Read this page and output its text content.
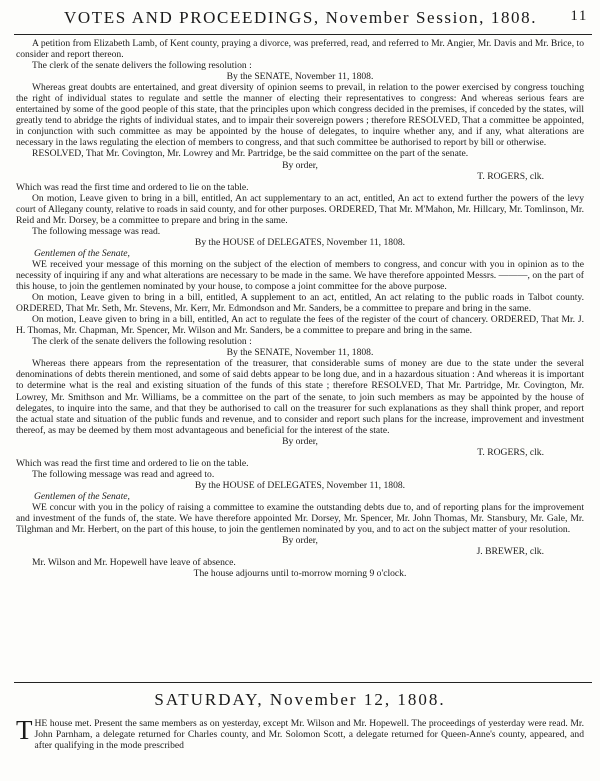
VOTES AND PROCEEDINGS, November Session, 1808. 11

A petition from Elizabeth Lamb, of Kent county, praying a divorce, was preferred, read, and referred to Mr. Angier, Mr. Davis and Mr. Brice, to consider and report thereon.

The clerk of the senate delivers the following resolution :

By the SENATE, November 11, 1808.

Whereas great doubts are entertained, and great diversity of opinion seems to prevail, in relation to the power exercised by congress touching the right of individual states to regulate and settle the manner of electing their representatives to congress: And whereas serious fears are entertained by some of the good people of this state, that the principles upon which congress decided in the premises, if conceded by the states, will greatly tend to abridge the rights of individual states, and to impair their sovereign powers ; therefore RESOLVED, That a committee be appointed, in conjunction with such committee as may be appointed by the house of delegates, to inquire whether any, and if any, what alterations are necessary in the laws regulating the election of members to congress, and that such committee be authorised to report by bill or otherwise.

RESOLVED, That Mr. Covington, Mr. Lowrey and Mr. Partridge, be the said committee on the part of the senate.

By order,

T. ROGERS, clk.

Which was read the first time and ordered to lie on the table.

On motion, Leave given to bring in a bill, entitled, An act supplementary to an act, entitled, An act to extend further the powers of the levy court of Allegany county, relative to roads in said county, and for other purposes. ORDERED, That Mr. M'Mahon, Mr. Hillcary, Mr. Tomlinson, Mr. Reid and Mr. Dorsey, be a committee to prepare and bring in the same.

The following message was read.

By the HOUSE of DELEGATES, November 11, 1808.

Gentlemen of the Senate,

WE received your message of this morning on the subject of the election of members to congress, and concur with you in opinion as to the necessity of inquiring if any and what alterations are necessary to be made in the same. We have therefore appointed Messrs. ———, on the part of this house, to join the gentlemen nominated by your house, to compose a joint committee for the above purpose.

On motion, Leave given to bring in a bill, entitled, A supplement to an act, entitled, An act relating to the public roads in Talbot county. ORDERED, That Mr. Seth, Mr. Stevens, Mr. Kerr, Mr. Edmondson and Mr. Sanders, be a committee to prepare and bring in the same.

On motion, Leave given to bring in a bill, entitled, An act to regulate the fees of the register of the court of chancery. ORDERED, That Mr. J. H. Thomas, Mr. Chapman, Mr. Spencer, Mr. Wilson and Mr. Sanders, be a committee to prepare and bring in the same.

The clerk of the senate delivers the following resolution :

By the SENATE, November 11, 1808.

Whereas there appears from the representation of the treasurer, that considerable sums of money are due to the state under the several denominations of debts therein mentioned, and some of said debts appear to be long due, and in a hazardous situation : And whereas it is important to determine what is the real and existing situation of the funds of this state ; therefore RESOLVED, That Mr. Partridge, Mr. Covington, Mr. Lowrey, Mr. Smithson and Mr. Williams, be a committee on the part of the senate, to join such members as may be appointed by the house of delegates, to inquire into the same, and that they be authorised to call on the treasurer for such explanations as they shall think proper, and report the actual state and situation of the public funds and revenue, and to consider and report such plans for the increase, improvement and investment thereof, as may be deemed by them most advantageous and beneficial for the interest of the state.

By order,

T. ROGERS, clk.

Which was read the first time and ordered to lie on the table.

The following message was read and agreed to.

By the HOUSE of DELEGATES, November 11, 1808.

Gentlemen of the Senate,

WE concur with you in the policy of raising a committee to examine the outstanding debts due to, and of reporting plans for the improvement and investment of the funds of, the state. We have therefore appointed Mr. Dorsey, Mr. Spencer, Mr. John Thomas, Mr. Stansbury, Mr. Gale, Mr. Tilghman and Mr. Herbert, on the part of this house, to join the gentlemen nominated by you, and to act on the subject matter of your resolution.

By order,

J. BREWER, clk.

Mr. Wilson and Mr. Hopewell have leave of absence.

The house adjourns until to-morrow morning 9 o'clock.

SATURDAY, November 12, 1808.
T HE house met. Present the same members as on yesterday, except Mr. Wilson and Mr. Hopewell. The proceedings of yesterday were read. Mr. John Parnham, a delegate returned for Charles county, and Mr. Solomon Scott, a delegate returned for Queen-Anne's county, appeared, and after qualifying in the mode prescribed
